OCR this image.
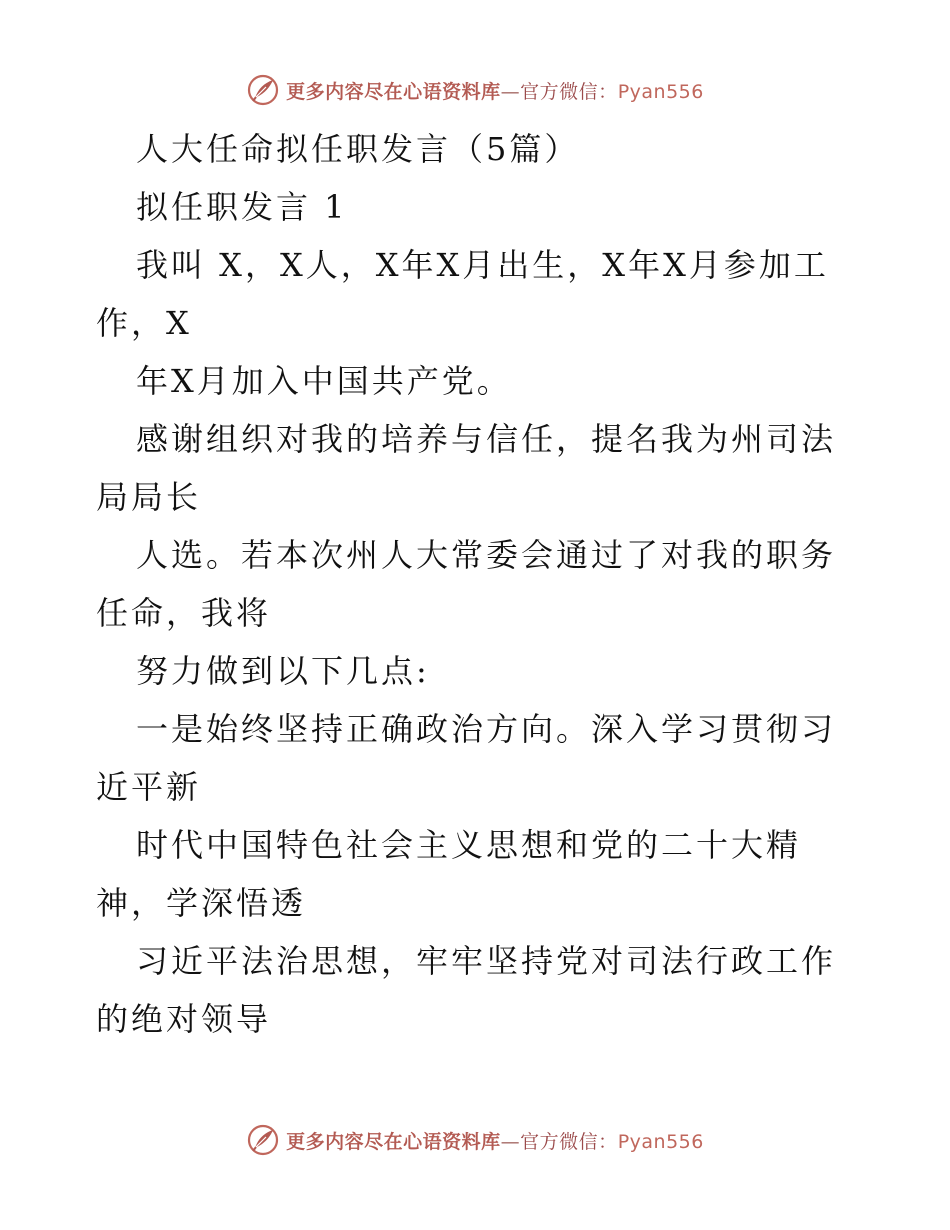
更多内容尽在心语资料库—官方微信：Pyan556

人大任命拟任职发言（5篇）

拟任职发言 1

我叫 X，X人，X年X月出生，X年X月参加工作，X

年X月加入中国共产党。

感谢组织对我的培养与信任，提名我为州司法局局长

人选。若本次州人大常委会通过了对我的职务任命，我将

努力做到以下几点:

一是始终坚持正确政治方向。深入学习贯彻习近平新

时代中国特色社会主义思想和党的二十大精神，学深悟透

习近平法治思想，牢牢坚持党对司法行政工作的绝对领导

更多内容尽在心语资料库—官方微信：Pyan556
